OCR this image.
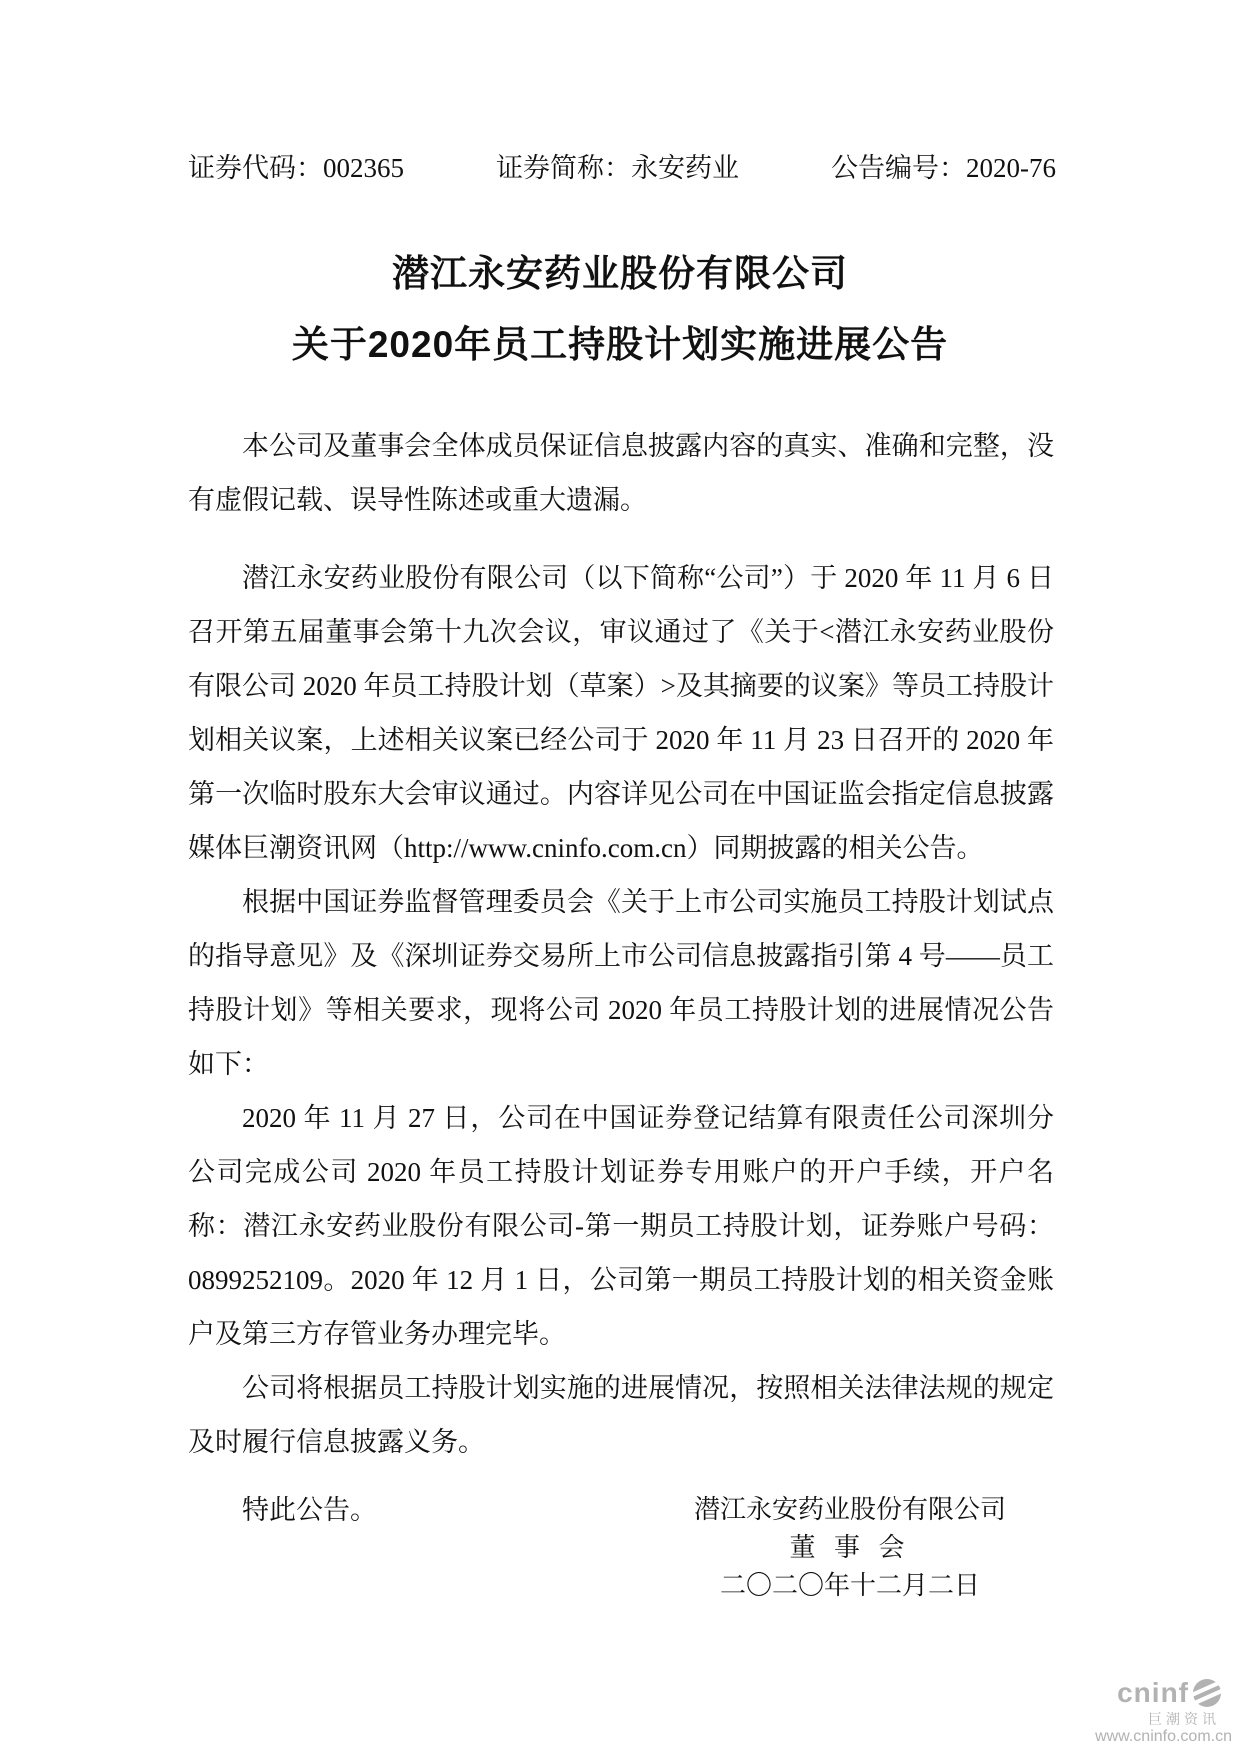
证券代码：002365	证券简称：永安药业	公告编号：2020-76
潜江永安药业股份有限公司
关于2020年员工持股计划实施进展公告

本公司及董事会全体成员保证信息披露内容的真实、准确和完整，没有虚假记载、误导性陈述或重大遗漏。

潜江永安药业股份有限公司（以下简称“公司”）于 2020 年 11 月 6 日召开第五届董事会第十九次会议，审议通过了《关于<潜江永安药业股份有限公司 2020 年员工持股计划（草案）>及其摘要的议案》等员工持股计划相关议案，上述相关议案已经公司于 2020 年 11 月 23 日召开的 2020 年第一次临时股东大会审议通过。内容详见公司在中国证监会指定信息披露媒体巨潮资讯网（http://www.cninfo.com.cn）同期披露的相关公告。

根据中国证券监督管理委员会《关于上市公司实施员工持股计划试点的指导意见》及《深圳证券交易所上市公司信息披露指引第 4 号——员工持股计划》等相关要求，现将公司 2020 年员工持股计划的进展情况公告如下：

2020 年 11 月 27 日，公司在中国证券登记结算有限责任公司深圳分公司完成公司 2020 年员工持股计划证券专用账户的开户手续，开户名称：潜江永安药业股份有限公司-第一期员工持股计划，证券账户号码：0899252109。2020 年 12 月 1 日，公司第一期员工持股计划的相关资金账户及第三方存管业务办理完毕。

公司将根据员工持股计划实施的进展情况，按照相关法律法规的规定及时履行信息披露义务。

特此公告。	潜江永安药业股份有限公司
董 事 会
二〇二〇年十二月二日
cninf
巨潮资讯
www.cninfo.com.cn
